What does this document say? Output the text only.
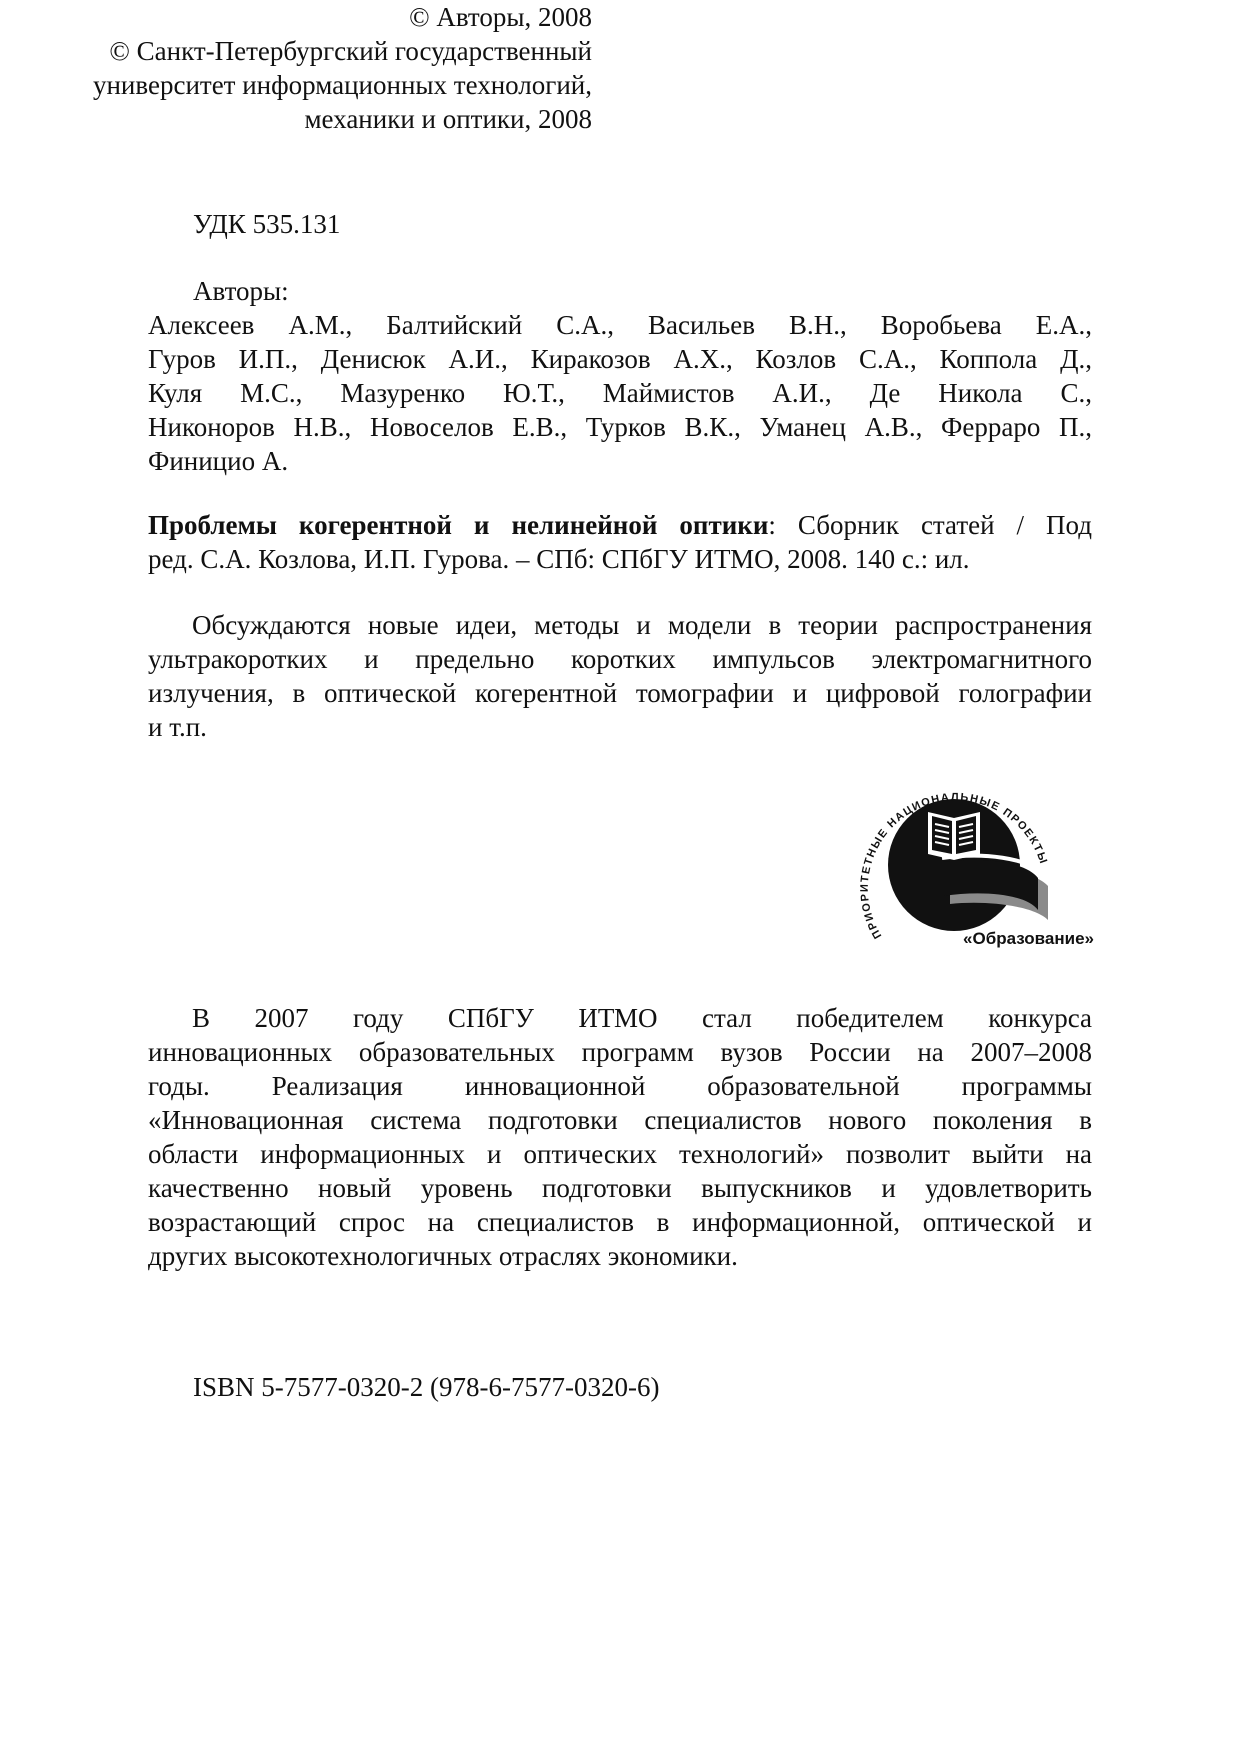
УДК 535.131
Авторы:
Алексеев А.М., Балтийский С.А., Васильев В.Н., Воробьева Е.А.,
Гуров И.П., Денисюк А.И., Киракозов А.Х., Козлов С.А., Коппола Д.,
Куля М.С., Мазуренко Ю.Т., Маймистов А.И., Де Никола С.,
Никоноров Н.В., Новоселов Е.В., Турков В.К., Уманец А.В., Ферраро П.,
Финицио А.
Проблемы когерентной и нелинейной оптики: Сборник статей / Под
ред. С.А. Козлова, И.П. Гурова. – СПб: СПбГУ ИТМО, 2008. 140 с.: ил.
Обсуждаются новые идеи, методы и модели в теории распространения
ультракоротких и предельно коротких импульсов электромагнитного
излучения, в оптической когерентной томографии и цифровой голографии
и т.п.
ПРИОРИТЕТНЫЕ НАЦИОНАЛЬНЫЕ ПРОЕКТЫ
«Образование»
В 2007 году СПбГУ ИТМО стал победителем конкурса
инновационных образовательных программ вузов России на 2007–2008
годы. Реализация инновационной образовательной программы
«Инновационная система подготовки специалистов нового поколения в
области информационных и оптических технологий» позволит выйти на
качественно новый уровень подготовки выпускников и удовлетворить
возрастающий спрос на специалистов в информационной, оптической и
других высокотехнологичных отраслях экономики.
ISBN 5-7577-0320-2 (978-6-7577-0320-6)
© Авторы, 2008
© Санкт-Петербургский государственный
университет информационных технологий,
механики и оптики, 2008
